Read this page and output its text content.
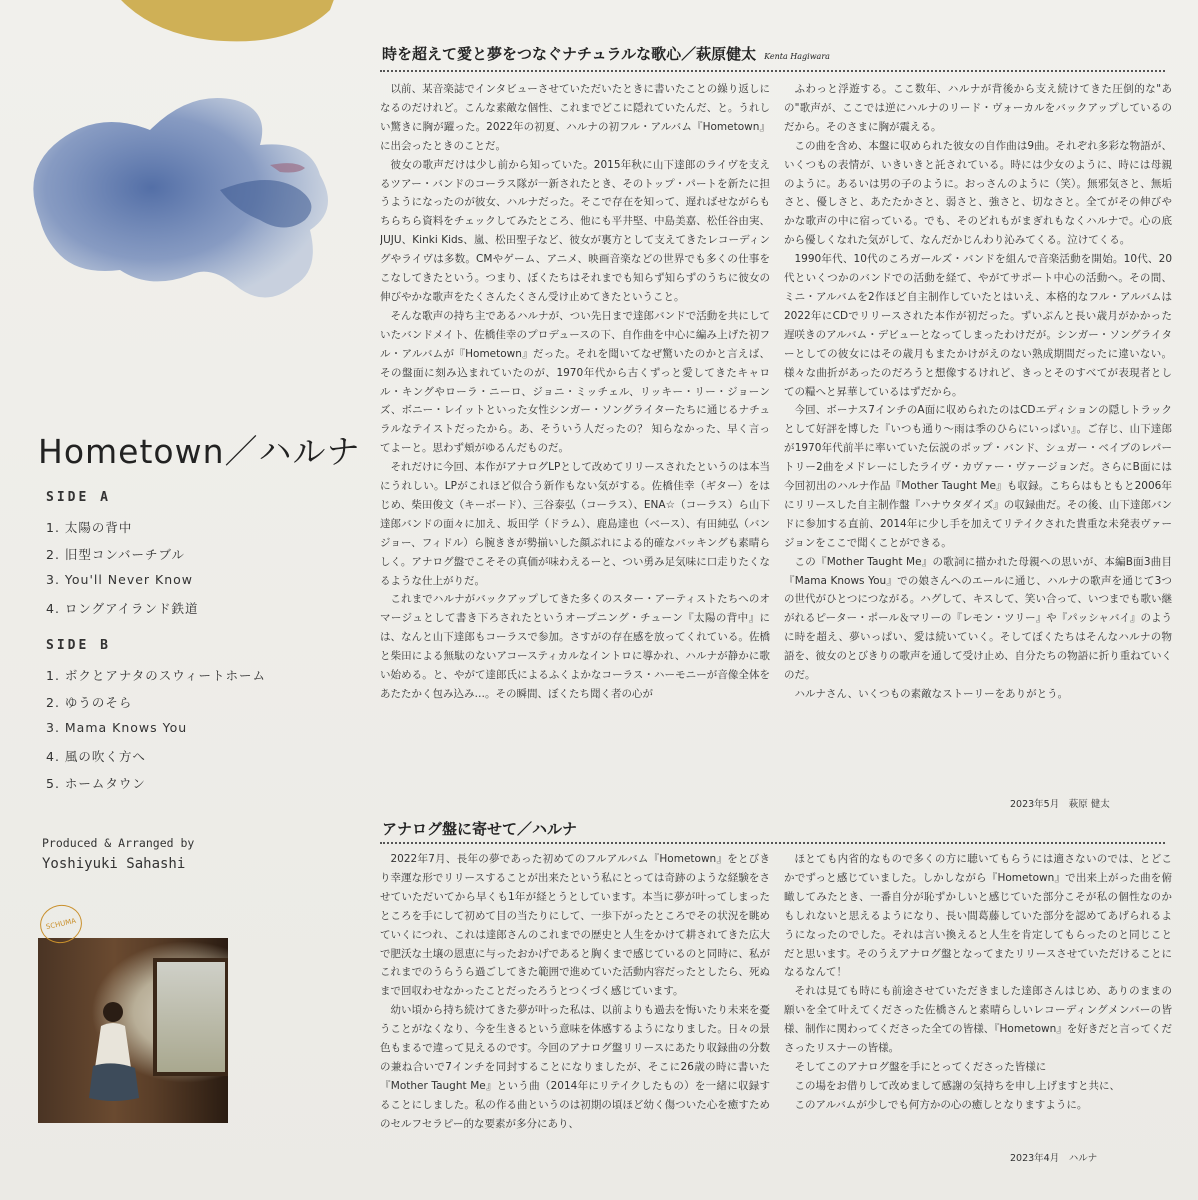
Hometown／ハルナ
SIDE A
1. 太陽の背中
2. 旧型コンバーチブル
3. You'll Never Know
4. ロングアイランド鉄道
SIDE B
1. ボクとアナタのスウィートホーム
2. ゆうのそら
3. Mama Knows You
4. 風の吹く方へ
5. ホームタウン
Produced & Arranged by
Yoshiyuki Sahashi
SCHUMA
時を超えて愛と夢をつなぐナチュラルな歌心／萩原健太 Kenta Hagiwara

以前、某音楽誌でインタビューさせていただいたときに書いたことの繰り返しになるのだけれど。こんな素敵な個性、これまでどこに隠れていたんだ、と。うれしい驚きに胸が躍った。2022年の初夏、ハルナの初フル・アルバム『Hometown』に出会ったときのことだ。

彼女の歌声だけは少し前から知っていた。2015年秋に山下達郎のライヴを支えるツアー・バンドのコーラス隊が一新されたとき、そのトップ・パートを新たに担うようになったのが彼女、ハルナだった。そこで存在を知って、遅ればせながらもちらちら資料をチェックしてみたところ、他にも平井堅、中島美嘉、松任谷由実、JUJU、Kinki Kids、嵐、松田聖子など、彼女が裏方として支えてきたレコーディングやライヴは多数。CMやゲーム、アニメ、映画音楽などの世界でも多くの仕事をこなしてきたという。つまり、ぼくたちはそれまでも知らず知らずのうちに彼女の伸びやかな歌声をたくさんたくさん受け止めてきたということ。

そんな歌声の持ち主であるハルナが、つい先日まで達郎バンドで活動を共にしていたバンドメイト、佐橋佳幸のプロデュースの下、自作曲を中心に編み上げた初フル・アルバムが『Hometown』だった。それを聞いてなぜ驚いたのかと言えば、その盤面に刻み込まれていたのが、1970年代から古くずっと愛してきたキャロル・キングやローラ・ニーロ、ジョニ・ミッチェル、リッキー・リー・ジョーンズ、ボニー・レイットといった女性シンガー・ソングライターたちに通じるナチュラルなテイストだったから。あ、そういう人だったの？ 知らなかった、早く言ってよーと。思わず頬がゆるんだものだ。

それだけに今回、本作がアナログLPとして改めてリリースされたというのは本当にうれしい。LPがこれほど似合う新作もない気がする。佐橋佳幸（ギター）をはじめ、柴田俊文（キーボード）、三谷泰弘（コーラス）、ENA☆（コーラス）ら山下達郎バンドの面々に加え、坂田学（ドラム）、鹿島達也（ベース）、有田純弘（バンジョー、フィドル）ら腕ききが勢揃いした顔ぶれによる的確なバッキングも素晴らしく。アナログ盤でこそその真価が味わえるーと、つい勇み足気味に口走りたくなるような仕上がりだ。

これまでハルナがバックアップしてきた多くのスター・アーティストたちへのオマージュとして書き下ろされたというオープニング・チューン『太陽の背中』には、なんと山下達郎もコーラスで参加。さすがの存在感を放ってくれている。佐橋と柴田による無駄のないアコースティカルなイントロに導かれ、ハルナが静かに歌い始める。と、やがて達郎氏によるふくよかなコーラス・ハーモニーが音像全体をあたたかく包み込み…。その瞬間、ぼくたち聞く者の心が

ふわっと浮遊する。ここ数年、ハルナが背後から支え続けてきた圧倒的な"あの"歌声が、ここでは逆にハルナのリード・ヴォーカルをバックアップしているのだから。そのさまに胸が震える。

この曲を含め、本盤に収められた彼女の自作曲は9曲。それぞれ多彩な物語が、いくつもの表情が、いきいきと託されている。時には少女のように、時には母親のように。あるいは男の子のように。おっさんのように（笑）。無邪気さと、無垢さと、優しさと、あたたかさと、弱さと、強さと、切なさと。全てがその伸びやかな歌声の中に宿っている。でも、そのどれもがまぎれもなくハルナで。心の底から優しくなれた気がして、なんだかじんわり沁みてくる。泣けてくる。

1990年代、10代のころガールズ・バンドを組んで音楽活動を開始。10代、20代といくつかのバンドでの活動を経て、やがてサポート中心の活動へ。その間、ミニ・アルバムを2作ほど自主制作していたとはいえ、本格的なフル・アルバムは2022年にCDでリリースされた本作が初だった。ずいぶんと長い歳月がかかった遅咲きのアルバム・デビューとなってしまったわけだが。シンガー・ソングライターとしての彼女にはその歳月もまたかけがえのない熟成期間だったに違いない。様々な曲折があったのだろうと想像するけれど、きっとそのすべてが表現者としての糧へと昇華しているはずだから。

今回、ボーナス7インチのA面に収められたのはCDエディションの隠しトラックとして好評を博した『いつも通り〜雨は季のひらにいっぱい』。ご存じ、山下達郎が1970年代前半に率いていた伝説のポップ・バンド、シュガー・ベイブのレパートリー2曲をメドレーにしたライヴ・カヴァー・ヴァージョンだ。さらにB面には今回初出のハルナ作品『Mother Taught Me』も収録。こちらはもともと2006年にリリースした自主制作盤『ハナウタダイズ』の収録曲だ。その後、山下達郎バンドに参加する直前、2014年に少し手を加えてリテイクされた貴重な未発表ヴァージョンをここで聞くことができる。

この『Mother Taught Me』の歌詞に描かれた母親への思いが、本編B面3曲目『Mama Knows You』での娘さんへのエールに通じ、ハルナの歌声を通じて3つの世代がひとつにつながる。ハグして、キスして、笑い合って、いつまでも歌い継がれるピーター・ポール＆マリーの『レモン・ツリー』や『パッシャバイ』のように時を超え、夢いっぱい、愛は続いていく。そしてぼくたちはそんなハルナの物語を、彼女のとびきりの歌声を通して受け止め、自分たちの物語に折り重ねていくのだ。

ハルナさん、いくつもの素敵なストーリーをありがとう。

2023年5月　萩原 健太
アナログ盤に寄せて／ハルナ

2022年7月、長年の夢であった初めてのフルアルバム『Hometown』をとびきり幸運な形でリリースすることが出来たという私にとっては奇跡のような経験をさせていただいてから早くも1年が経とうとしています。本当に夢が叶ってしまったところを手にして初めて目の当たりにして、一歩下がったところでその状況を眺めていくにつれ、これは達郎さんのこれまでの歴史と人生をかけて耕されてきた広大で肥沃な土壌の恩恵に与ったおかげであると胸くまで感じているのと同時に、私がこれまでのうらうら過ごしてきた範囲で進めていた活動内容だったとしたら、死ぬまで回収わせなかったことだったろうとつくづく感じています。

幼い頃から持ち続けてきた夢が叶った私は、以前よりも過去を悔いたり未来を憂うことがなくなり、今を生きるという意味を体感するようになりました。日々の景色もまるで違って見えるのです。今回のアナログ盤リリースにあたり収録曲の分数の兼ね合いで7インチを同封することになりましたが、そこに26歳の時に書いた『Mother Taught Me』という曲（2014年にリテイクしたもの）を一緒に収録することにしました。私の作る曲というのは初期の頃ほど幼く傷ついた心を癒すためのセルフセラピー的な要素が多分にあり、

ほとても内省的なもので多くの方に聴いてもらうには適さないのでは、とどこかでずっと感じていました。しかしながら『Hometown』で出来上がった曲を俯瞰してみたとき、一番自分が恥ずかしいと感じていた部分こそが私の個性なのかもしれないと思えるようになり、長い間葛藤していた部分を認めてあげられるようになったのでした。それは言い換えると人生を肯定してもらったのと同じことだと思います。そのうえアナログ盤となってまたリリースさせていただけることになるなんて！

それは見ても時にも前途させていただきました達郎さんはじめ、ありのままの願いを全て叶えてくださった佐橋さんと素晴らしいレコーディングメンバーの皆様、制作に関わってくださった全ての皆様、『Hometown』を好きだと言ってくださったリスナーの皆様。

そしてこのアナログ盤を手にとってくださった皆様に

この場をお借りして改めまして感謝の気持ちを申し上げますと共に、

このアルバムが少しでも何方かの心の癒しとなりますように。

2023年4月　ハルナ
